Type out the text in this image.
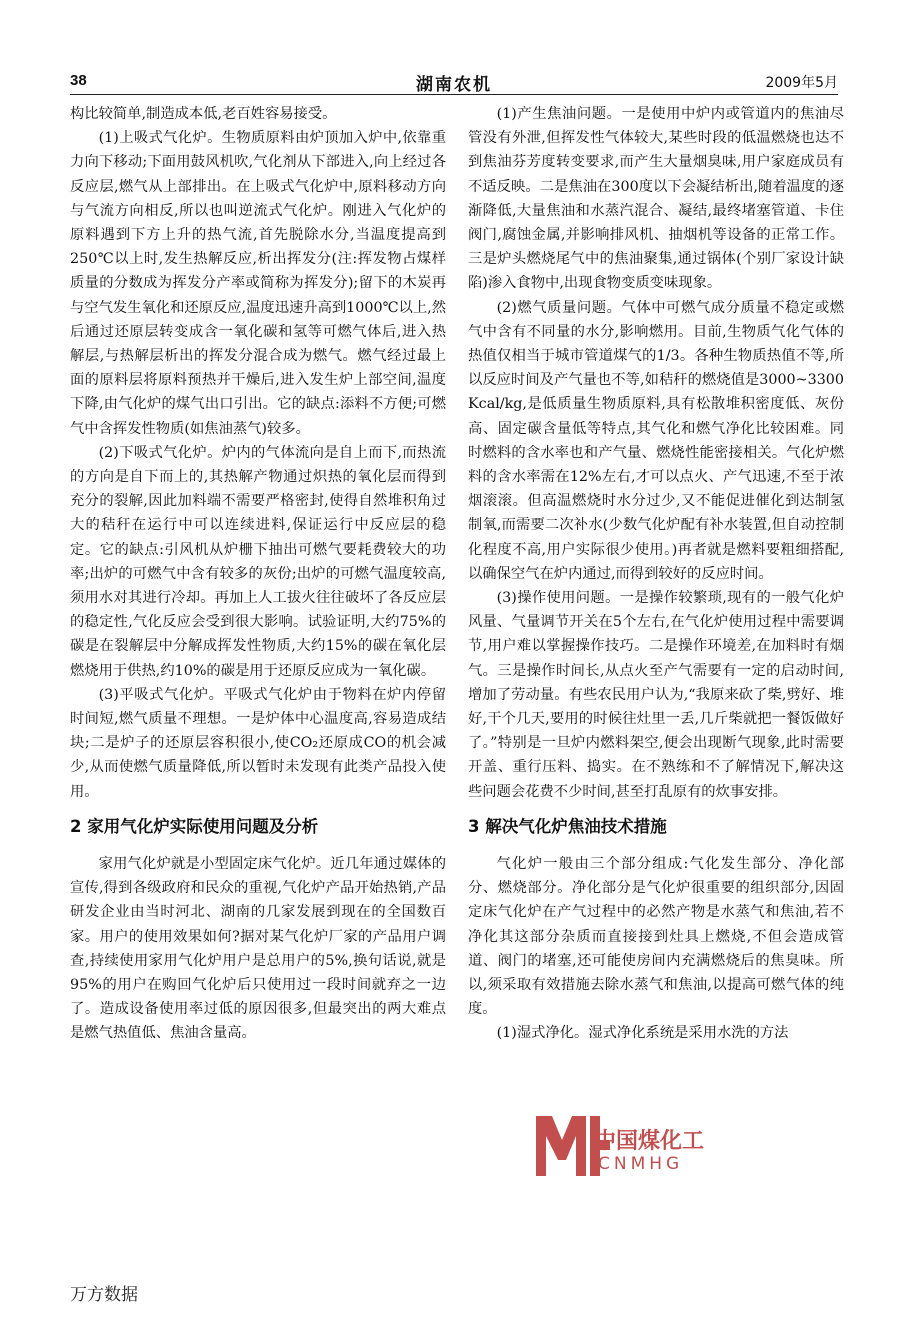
38	湖南农机	2009年5月

构比较简单,制造成本低,老百姓容易接受。

(1)上吸式气化炉。生物质原料由炉顶加入炉中,依靠重力向下移动;下面用鼓风机吹,气化剂从下部进入,向上经过各反应层,燃气从上部排出。在上吸式气化炉中,原料移动方向与气流方向相反,所以也叫逆流式气化炉。刚进入气化炉的原料遇到下方上升的热气流,首先脱除水分,当温度提高到250℃以上时,发生热解反应,析出挥发分(注:挥发物占煤样质量的分数成为挥发分产率或简称为挥发分);留下的木炭再与空气发生氧化和还原反应,温度迅速升高到1000℃以上,然后通过还原层转变成含一氧化碳和氢等可燃气体后,进入热解层,与热解层析出的挥发分混合成为燃气。燃气经过最上面的原料层将原料预热并干燥后,进入发生炉上部空间,温度下降,由气化炉的煤气出口引出。它的缺点:添料不方便;可燃气中含挥发性物质(如焦油蒸气)较多。

(2)下吸式气化炉。炉内的气体流向是自上而下,而热流的方向是自下而上的,其热解产物通过炽热的氧化层而得到充分的裂解,因此加料端不需要严格密封,使得自然堆积角过大的秸秆在运行中可以连续进料,保证运行中反应层的稳定。它的缺点:引风机从炉栅下抽出可燃气要耗费较大的功率;出炉的可燃气中含有较多的灰份;出炉的可燃气温度较高,须用水对其进行冷却。再加上人工拔火往往破坏了各反应层的稳定性,气化反应会受到很大影响。试验证明,大约75%的碳是在裂解层中分解成挥发性物质,大约15%的碳在氧化层燃烧用于供热,约10%的碳是用于还原反应成为一氧化碳。

(3)平吸式气化炉。平吸式气化炉由于物料在炉内停留时间短,燃气质量不理想。一是炉体中心温度高,容易造成结块;二是炉子的还原层容积很小,使CO₂还原成CO的机会减少,从而使燃气质量降低,所以暂时未发现有此类产品投入使用。

2 家用气化炉实际使用问题及分析

家用气化炉就是小型固定床气化炉。近几年通过媒体的宣传,得到各级政府和民众的重视,气化炉产品开始热销,产品研发企业由当时河北、湖南的几家发展到现在的全国数百家。用户的使用效果如何?据对某气化炉厂家的产品用户调查,持续使用家用气化炉用户是总用户的5%,换句话说,就是95%的用户在购回气化炉后只使用过一段时间就弃之一边了。造成设备使用率过低的原因很多,但最突出的两大难点是燃气热值低、焦油含量高。

(1)产生焦油问题。一是使用中炉内或管道内的焦油尽管没有外泄,但挥发性气体较大,某些时段的低温燃烧也达不到焦油芬芳度转变要求,而产生大量烟臭味,用户家庭成员有不适反映。二是焦油在300度以下会凝结析出,随着温度的逐渐降低,大量焦油和水蒸汽混合、凝结,最终堵塞管道、卡住阀门,腐蚀金属,并影响排风机、抽烟机等设备的正常工作。三是炉头燃烧尾气中的焦油聚集,通过锅体(个别厂家设计缺陷)渗入食物中,出现食物变质变味现象。

(2)燃气质量问题。气体中可燃气成分质量不稳定或燃气中含有不同量的水分,影响燃用。目前,生物质气化气体的热值仅相当于城市管道煤气的1/3。各种生物质热值不等,所以反应时间及产气量也不等,如秸秆的燃烧值是3000~3300 Kcal/kg,是低质量生物质原料,具有松散堆积密度低、灰份高、固定碳含量低等特点,其气化和燃气净化比较困难。同时燃料的含水率也和产气量、燃烧性能密接相关。气化炉燃料的含水率需在12%左右,才可以点火、产气迅速,不至于浓烟滚滚。但高温燃烧时水分过少,又不能促进催化到达制氢制氧,而需要二次补水(少数气化炉配有补水装置,但自动控制化程度不高,用户实际很少使用。)再者就是燃料要粗细搭配,以确保空气在炉内通过,而得到较好的反应时间。

(3)操作使用问题。一是操作较繁琐,现有的一般气化炉风量、气量调节开关在5个左右,在气化炉使用过程中需要调节,用户难以掌握操作技巧。二是操作环境差,在加料时有烟气。三是操作时间长,从点火至产气需要有一定的启动时间,增加了劳动量。有些农民用户认为,“我原来砍了柴,劈好、堆好,干个几天,要用的时候往灶里一丢,几斤柴就把一餐饭做好了。”特别是一旦炉内燃料架空,便会出现断气现象,此时需要开盖、重行压料、捣实。在不熟练和不了解情况下,解决这些问题会花费不少时间,甚至打乱原有的炊事安排。

3 解决气化炉焦油技术措施

气化炉一般由三个部分组成:气化发生部分、净化部分、燃烧部分。净化部分是气化炉很重要的组织部分,因固定床气化炉在产气过程中的必然产物是水蒸气和焦油,若不净化其这部分杂质而直接接到灶具上燃烧,不但会造成管道、阀门的堵塞,还可能使房间内充满燃烧后的焦臭味。所以,须采取有效措施去除水蒸气和焦油,以提高可燃气体的纯度。

(1)湿式净化。湿式净化系统是采用水洗的方法

中国煤化工
CNMHG
万方数据
